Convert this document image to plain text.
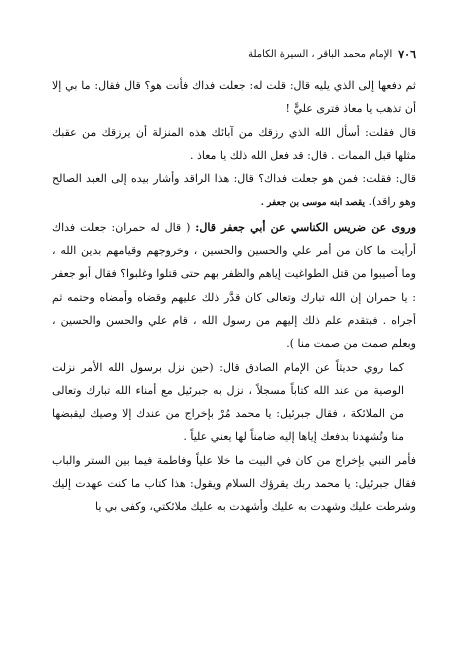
٧٠٦
الإمام محمد الباقر ، السيرة الكاملة

ثم دفعها إلى الذي يليه قال: قلت له: جعلت فداك فأنت هو؟ قال فقال: ما بي إلا أن تذهب يا معاذ فترى عليًّ !

قال فقلت: أسأل الله الذي رزقك من آبائك هذه المنزلة أن يرزقك من عقبك مثلها قبل الممات . قال: قد فعل الله ذلك يا معاذ .

قال: فقلت: فمن هو جعلت فداك؟ قال: هذا الراقد وأشار بيده إلى العبد الصالح وهو راقد). يقصد ابنه موسى بن جعفر .

وروى عن ضريس الكناسي عن أبي جعفر قال: ( قال له حمران: جعلت فداك أرأيت ما كان من أمر علي والحسين والحسين ، وخروجهم وقيامهم بدين الله ، وما أصيبوا من قتل الطواغيت إياهم والظفر بهم حتى قتلوا وغلبوا؟ فقال أبو جعفر : يا حمران إن الله تبارك وتعالى كان قدَّر ذلك عليهم وقضاه وأمضاه وحتمه ثم أجراه . فبتقدم علم ذلك إليهم من رسول الله ، قام علي والحسن والحسين ، وبعلم صمت من صمت منا ).

كما روي حديثاً عن الإمام الصادق قال: (حين نزل برسول الله الأمر نزلت الوصية من عند الله كتاباً مسجلاً ، نزل به جبرئيل مع أمناء الله تبارك وتعالى من الملائكة ، فقال جبرئيل: يا محمد مُرْ بإخراج من عندك إلا وصيك ليقبضها منا وتُشهدنا بدفعك إياها إليه ضامناً لها يعني علياً .

فأمر النبي بإخراج من كان في البيت ما خلا علياً وفاطمة فيما بين الستر والباب فقال جبرئيل: يا محمد ربك يقرؤك السلام ويقول: هذا كتاب ما كنت عهدت إليك وشرطت عليك وشهدت به عليك وأشهدت به عليك ملائكتي، وكفى بي يا
